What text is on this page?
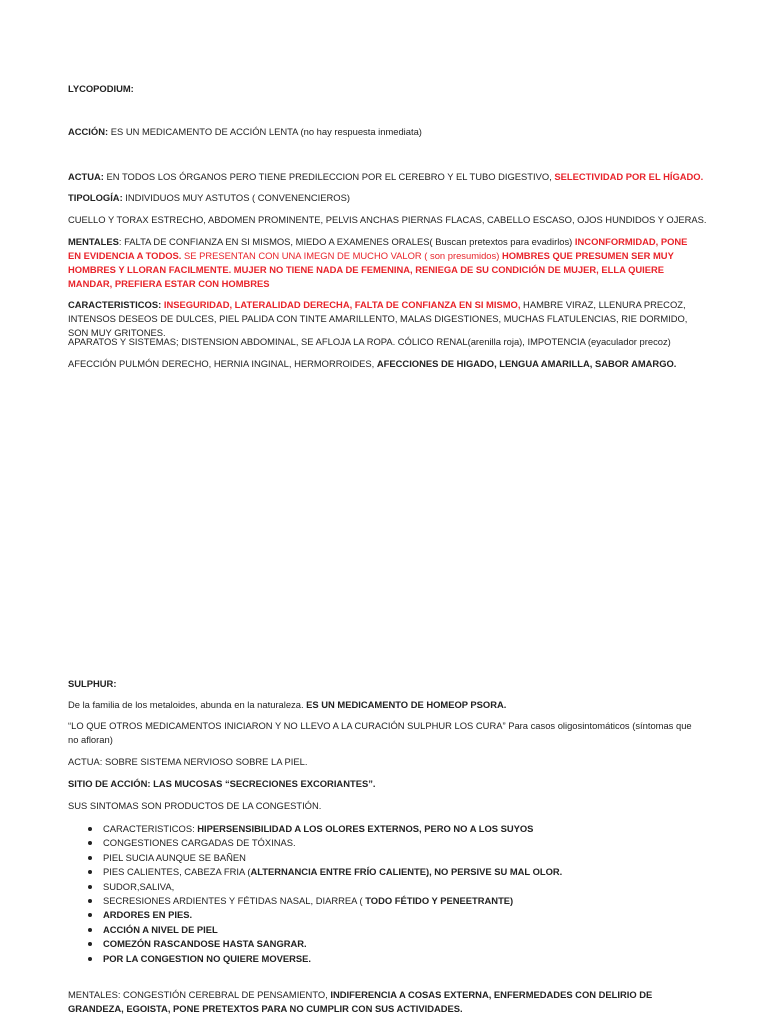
LYCOPODIUM:

ACCIÓN: ES UN MEDICAMENTO DE ACCIÓN LENTA (no hay respuesta inmediata)

ACTUA: EN TODOS LOS ÓRGANOS PERO TIENE PREDILECCION POR EL CEREBRO Y EL TUBO DIGESTIVO, SELECTIVIDAD POR EL HÍGADO.

TIPOLOGÍA: INDIVIDUOS MUY ASTUTOS ( CONVENENCIEROS)

CUELLO Y TORAX ESTRECHO, ABDOMEN PROMINENTE, PELVIS ANCHAS PIERNAS FLACAS, CABELLO ESCASO, OJOS HUNDIDOS Y OJERAS.

MENTALES: FALTA DE CONFIANZA EN SI MISMOS, MIEDO A EXAMENES ORALES( Buscan pretextos para evadirlos) INCONFORMIDAD, PONE EN EVIDENCIA A TODOS. SE PRESENTAN CON UNA IMEGN DE MUCHO VALOR ( son presumidos) HOMBRES QUE PRESUMEN SER MUY HOMBRES Y LLORAN FACILMENTE. MUJER NO TIENE NADA DE FEMENINA, RENIEGA DE SU CONDICIÓN DE MUJER, ELLA QUIERE MANDAR, PREFIERA ESTAR CON HOMBRES

CARACTERISTICOS: INSEGURIDAD, LATERALIDAD DERECHA, FALTA DE CONFIANZA EN SI MISMO, HAMBRE VIRAZ, LLENURA PRECOZ, INTENSOS DESEOS DE DULCES, PIEL PALIDA CON TINTE AMARILLENTO, MALAS DIGESTIONES, MUCHAS FLATULENCIAS, RIE DORMIDO, SON MUY GRITONES.

APARATOS Y SISTEMAS; DISTENSION ABDOMINAL, SE AFLOJA LA ROPA. CÓLICO RENAL(arenilla roja), IMPOTENCIA (eyaculador precoz)

AFECCIÓN PULMÓN DERECHO, HERNIA INGINAL, HERMORROIDES, AFECCIONES DE HIGADO, LENGUA AMARILLA, SABOR AMARGO.

SULPHUR:

De la familia de los metaloides, abunda en la naturaleza. ES UN MEDICAMENTO DE HOMEOP PSORA.

“LO QUE OTROS MEDICAMENTOS INICIARON Y NO LLEVO A LA CURACIÓN SULPHUR LOS CURA” Para casos oligosintomáticos (síntomas que no afloran)

ACTUA: SOBRE SISTEMA NERVIOSO SOBRE LA PIEL.

SITIO DE ACCIÓN: LAS MUCOSAS “SECRECIONES EXCORIANTES”.

SUS SINTOMAS SON PRODUCTOS DE LA CONGESTIÓN.

CARACTERISTICOS: HIPERSENSIBILIDAD A LOS OLORES EXTERNOS, PERO NO A LOS SUYOS
CONGESTIONES CARGADAS DE TÓXINAS.
PIEL SUCIA AUNQUE SE BAÑEN
PIES CALIENTES, CABEZA FRIA (ALTERNANCIA ENTRE FRÍO CALIENTE), NO PERSIVE SU MAL OLOR.
SUDOR,SALIVA,
SECRESIONES ARDIENTES Y FÉTIDAS NASAL, DIARREA ( TODO FÉTIDO Y PENEETRANTE)
ARDORES EN PIES.
ACCIÓN A NIVEL DE PIEL
COMEZÓN RASCANDOSE HASTA SANGRAR.
POR LA CONGESTION NO QUIERE MOVERSE.

MENTALES: CONGESTIÓN CEREBRAL DE PENSAMIENTO, INDIFERENCIA A COSAS EXTERNA, ENFERMEDADES CON DELIRIO DE GRANDEZA, EGOISTA, PONE PRETEXTOS PARA NO CUMPLIR CON SUS ACTIVIDADES.
